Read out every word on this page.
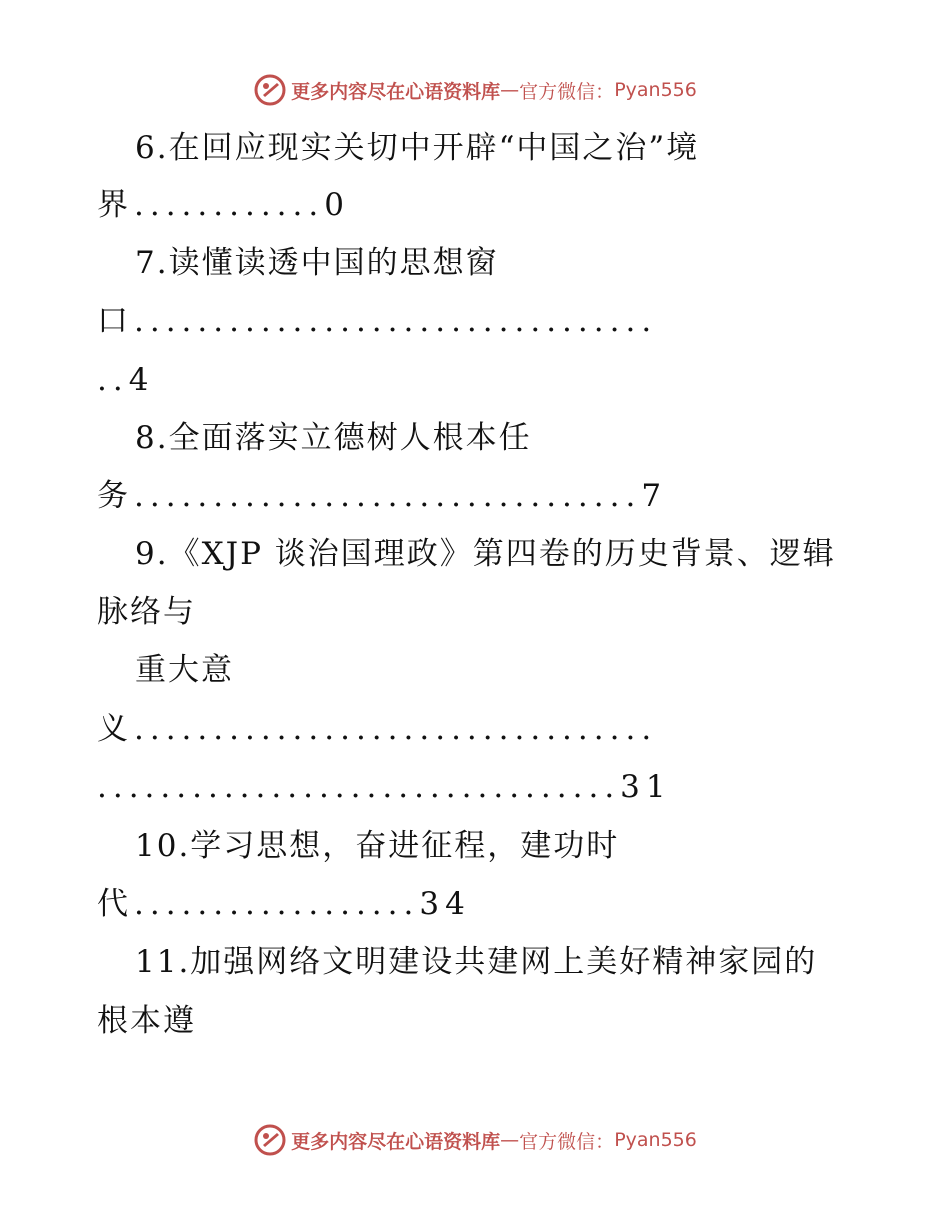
更多内容尽在心语资料库 — 官方微信： Pyan556
6.在回应现实关切中开辟“中国之治”境
界............0
7.读懂读透中国的思想窗
口.................................
..4
8.全面落实立德树人根本任
务................................7
9.《XJP 谈治国理政》第四卷的历史背景、逻辑
脉络与
重大意
义.................................
.................................31
10.学习思想，奋进征程，建功时
代..................34
11.加强网络文明建设共建网上美好精神家园的
根本遵
更多内容尽在心语资料库 — 官方微信： Pyan556
